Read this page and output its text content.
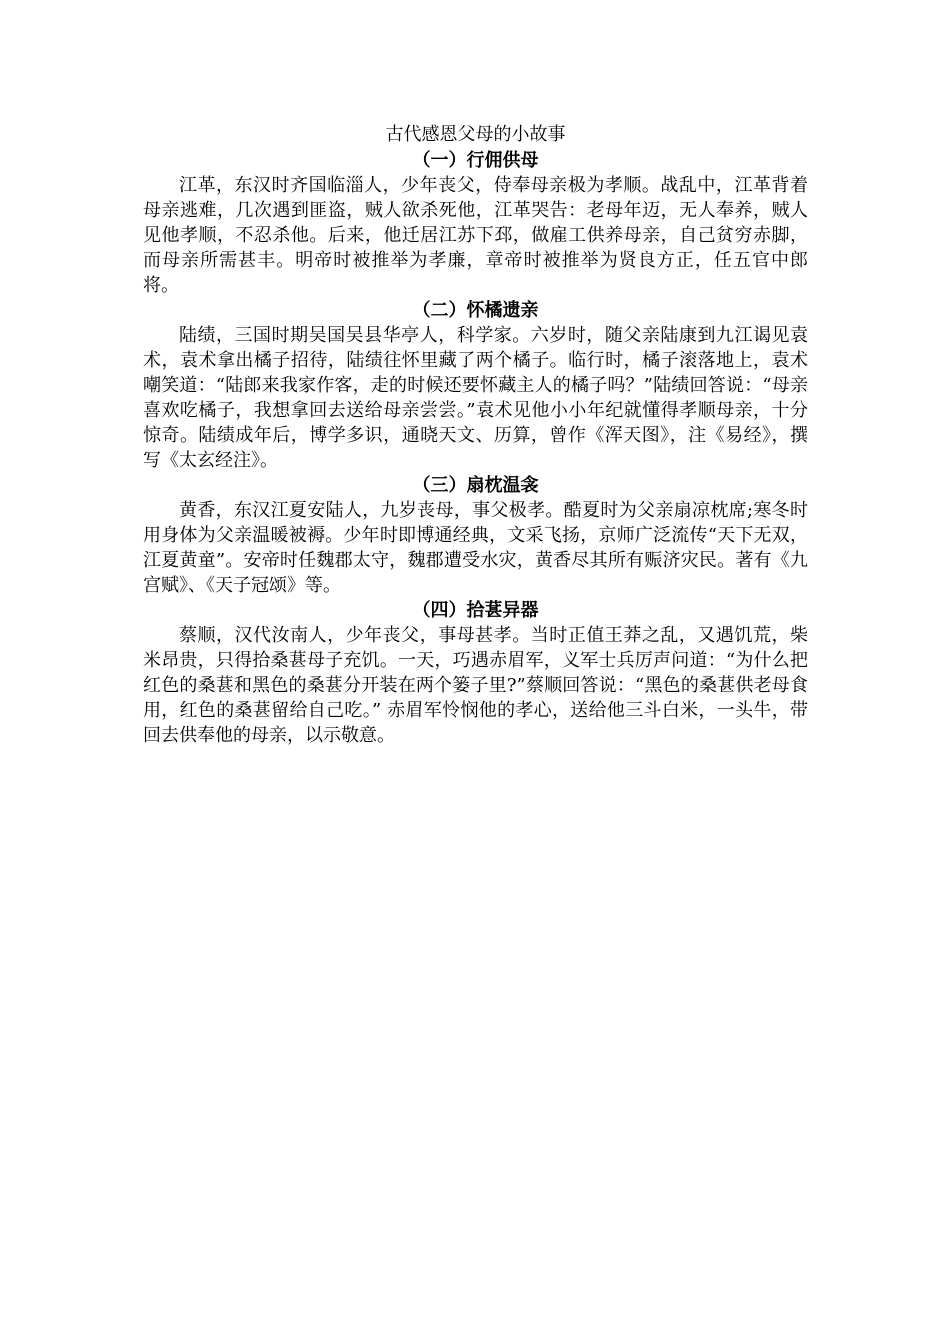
古代感恩父母的小故事
（一）行佣供母

江革，东汉时齐国临淄人，少年丧父，侍奉母亲极为孝顺。战乱中，江革背着母亲逃难，几次遇到匪盗，贼人欲杀死他，江革哭告：老母年迈，无人奉养，贼人见他孝顺，不忍杀他。后来，他迁居江苏下邳，做雇工供养母亲，自己贫穷赤脚，而母亲所需甚丰。明帝时被推举为孝廉，章帝时被推举为贤良方正，任五官中郎将。

（二）怀橘遗亲

陆绩，三国时期吴国吴县华亭人，科学家。六岁时，随父亲陆康到九江谒见袁术，袁术拿出橘子招待，陆绩往怀里藏了两个橘子。临行时，橘子滚落地上，袁术嘲笑道：“陆郎来我家作客，走的时候还要怀藏主人的橘子吗？”陆绩回答说：“母亲喜欢吃橘子，我想拿回去送给母亲尝尝。”袁术见他小小年纪就懂得孝顺母亲，十分惊奇。陆绩成年后，博学多识，通晓天文、历算，曾作《浑天图》，注《易经》，撰写《太玄经注》。

（三）扇枕温衾

黄香，东汉江夏安陆人，九岁丧母，事父极孝。酷夏时为父亲扇凉枕席;寒冬时用身体为父亲温暖被褥。少年时即博通经典，文采飞扬，京师广泛流传“天下无双，江夏黄童”。安帝时任魏郡太守，魏郡遭受水灾，黄香尽其所有赈济灾民。著有《九宫赋》、《天子冠颂》等。

（四）拾葚异器

蔡顺，汉代汝南人，少年丧父，事母甚孝。当时正值王莽之乱，又遇饥荒，柴米昂贵，只得拾桑葚母子充饥。一天，巧遇赤眉军，义军士兵厉声问道：“为什么把红色的桑葚和黑色的桑葚分开装在两个篓子里?”蔡顺回答说：“黑色的桑葚供老母食用，红色的桑葚留给自己吃。” 赤眉军怜悯他的孝心，送给他三斗白米，一头牛，带回去供奉他的母亲，以示敬意。
